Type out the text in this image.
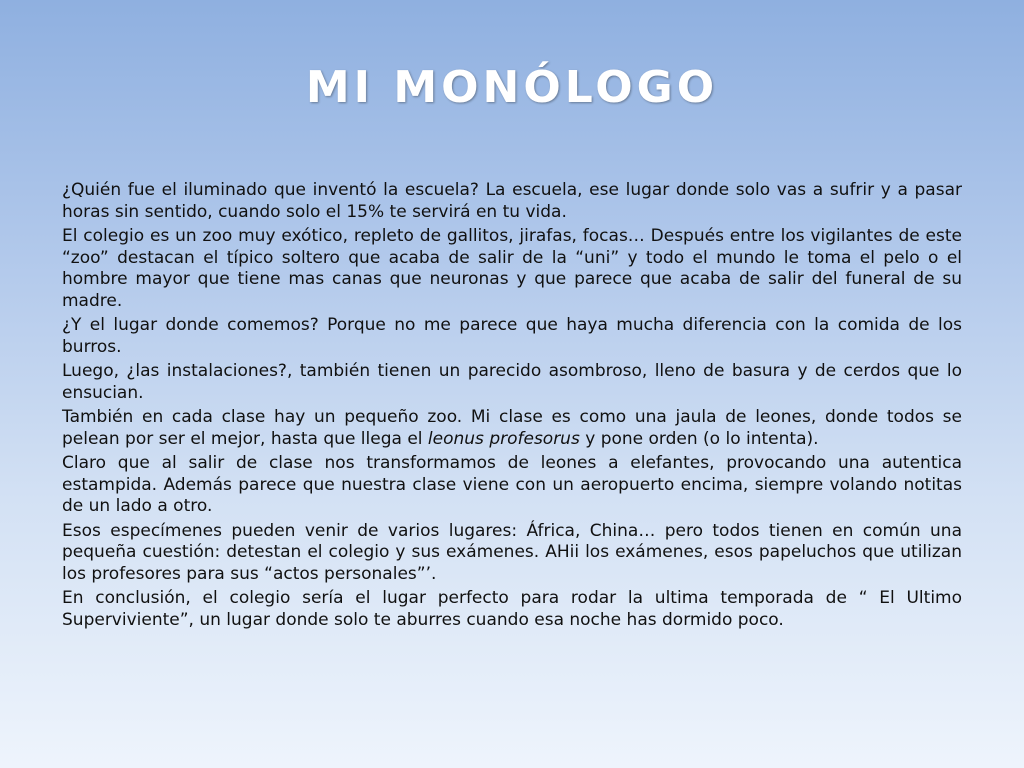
MI MONÓLOGO

¿Quién fue el iluminado que inventó la escuela? La escuela, ese lugar donde solo vas a sufrir y a pasar horas sin sentido, cuando solo el 15% te servirá en tu vida.

El colegio es un zoo muy exótico, repleto de gallitos, jirafas, focas… Después entre los vigilantes de este “zoo” destacan el típico soltero que acaba de salir de la “uni” y todo el mundo le toma el pelo o el hombre mayor que tiene mas canas que neuronas y que parece que acaba de salir del funeral de su madre.

¿Y el lugar donde comemos? Porque no me parece que haya mucha diferencia con la comida de los burros.

Luego, ¿las instalaciones?, también tienen un parecido asombroso, lleno de basura y de cerdos que lo ensucian.

También en cada clase hay un pequeño zoo. Mi clase es como una jaula de leones, donde todos se pelean por ser el mejor, hasta que llega el leonus profesorus y pone orden (o lo intenta).

Claro que al salir de clase nos transformamos de leones a elefantes, provocando una autentica estampida. Además parece que nuestra clase viene con un aeropuerto encima, siempre volando notitas de un lado a otro.

Esos especímenes pueden venir de varios lugares: África, China… pero todos tienen en común una pequeña cuestión: detestan el colegio y sus exámenes. AHii los exámenes, esos papeluchos que utilizan los profesores para sus “actos personales”’.

En conclusión, el colegio sería el lugar perfecto para rodar la ultima temporada de “ El Ultimo Superviviente”, un lugar donde solo te aburres cuando esa noche has dormido poco.
